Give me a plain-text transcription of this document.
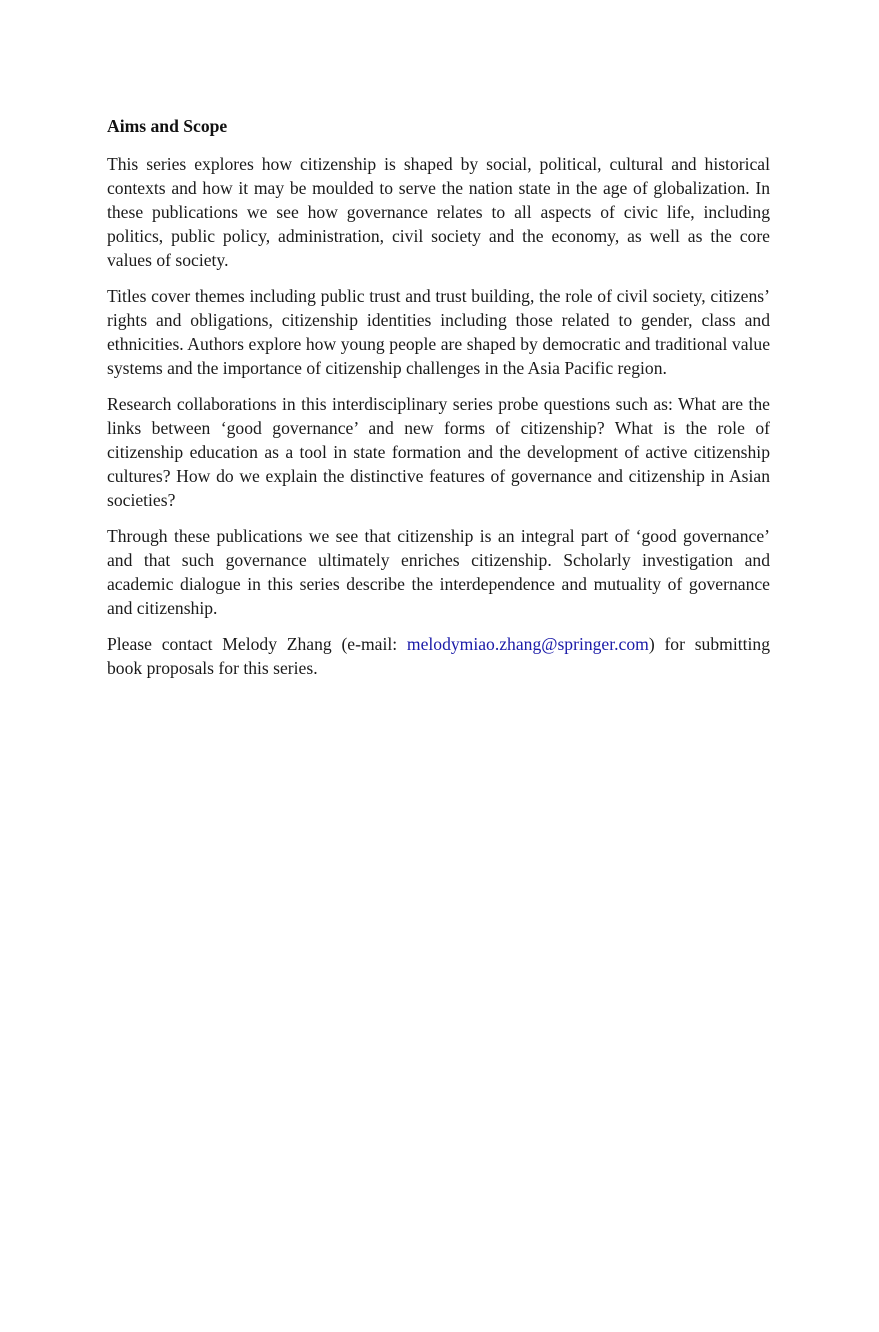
Aims and Scope

This series explores how citizenship is shaped by social, political, cultural and historical contexts and how it may be moulded to serve the nation state in the age of globalization. In these publications we see how governance relates to all aspects of civic life, including politics, public policy, administration, civil society and the economy, as well as the core values of society.

Titles cover themes including public trust and trust building, the role of civil society, citizens’ rights and obligations, citizenship identities including those related to gender, class and ethnicities. Authors explore how young people are shaped by democratic and traditional value systems and the importance of citizenship challenges in the Asia Pacific region.

Research collaborations in this interdisciplinary series probe questions such as: What are the links between ‘good governance’ and new forms of citizenship? What is the role of citizenship education as a tool in state formation and the development of active citizenship cultures? How do we explain the distinctive features of governance and citizenship in Asian societies?

Through these publications we see that citizenship is an integral part of ‘good governance’ and that such governance ultimately enriches citizenship. Scholarly investigation and academic dialogue in this series describe the interdependence and mutuality of governance and citizenship.

Please contact Melody Zhang (e-mail: melodymiao.zhang@springer.com) for submitting book proposals for this series.
